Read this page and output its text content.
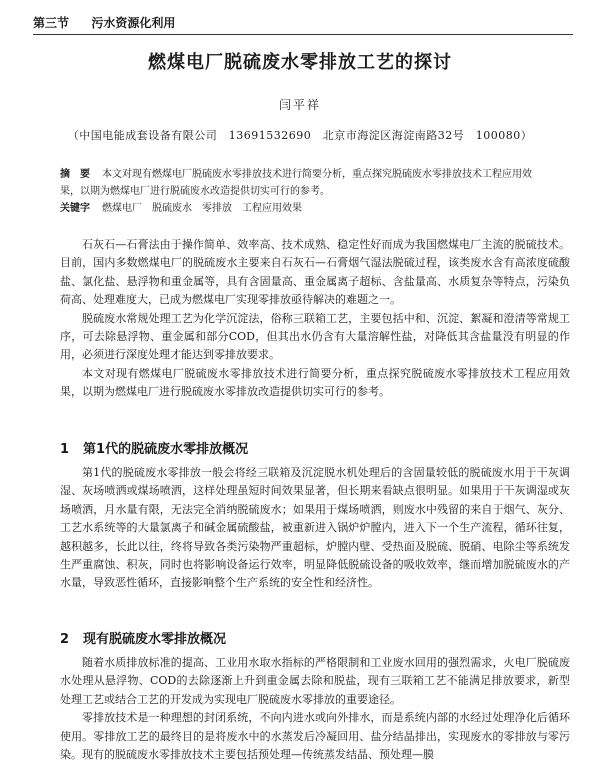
第三节 污水资源化利用
燃煤电厂脱硫废水零排放工艺的探讨
闫平祥
（中国电能成套设备有限公司　13691532690　北京市海淀区海淀南路32号　100080）
摘　要 本文对现有燃煤电厂脱硫废水零排放技术进行简要分析，重点探究脱硫废水零排放技术工程应用效果，以期为燃煤电厂进行脱硫废水改造提供切实可行的参考。
关键字 燃煤电厂　脱硫废水　零排放　工程应用效果

石灰石—石膏法由于操作简单、效率高、技术成熟、稳定性好而成为我国燃煤电厂主流的脱硫技术。目前，国内多数燃煤电厂的脱硫废水主要来自石灰石—石膏烟气湿法脱硫过程，该类废水含有高浓度硫酸盐、氯化盐、悬浮物和重金属等，具有含固量高、重金属离子超标、含盐量高、水质复杂等特点，污染负荷高、处理难度大，已成为燃煤电厂实现零排放亟待解决的难题之一。

脱硫废水常规处理工艺为化学沉淀法，俗称三联箱工艺，主要包括中和、沉淀、絮凝和澄清等常规工序，可去除悬浮物、重金属和部分COD，但其出水仍含有大量溶解性盐，对降低其含盐量没有明显的作用，必须进行深度处理才能达到零排放要求。

本文对现有燃煤电厂脱硫废水零排放技术进行简要分析，重点探究脱硫废水零排放技术工程应用效果，以期为燃煤电厂进行脱硫废水零排放改造提供切实可行的参考。

1 第1代的脱硫废水零排放概况

第1代的脱硫废水零排放一般会将经三联箱及沉淀脱水机处理后的含固量较低的脱硫废水用于干灰调湿、灰场喷洒或煤场喷洒，这样处理虽短时间效果显著，但长期来看缺点很明显。如果用于干灰调湿或灰场喷洒，月水量有限，无法完全消纳脱硫废水；如果用于煤场喷洒，则废水中残留的来自于烟气、灰分、工艺水系统等的大量氯离子和碱金属硫酸盐，被重新进入锅炉炉膛内，进入下一个生产流程，循环往复，越积越多，长此以往，终将导致各类污染物严重超标，炉膛内壁、受热面及脱硫、脱硝、电除尘等系统发生严重腐蚀、积灰，同时也将影响设备运行效率，明显降低脱硫设备的吸收效率，继而增加脱硫废水的产水量，导致恶性循环，直接影响整个生产系统的安全性和经济性。

2 现有脱硫废水零排放概况

随着水质排放标准的提高、工业用水取水指标的严格限制和工业废水回用的强烈需求，火电厂脱硫废水处理从悬浮物、COD的去除逐渐上升到重金属去除和脱盐，现有三联箱工艺不能满足排放要求，新型处理工艺或结合工艺的开发成为实现电厂脱硫废水零排放的重要途径。

零排放技术是一种理想的封闭系统，不向内进水或向外排水，而是系统内部的水经过处理净化后循环使用。零排放工艺的最终目的是将废水中的水蒸发后冷凝回用、盐分结晶排出，实现废水的零排放与零污染。现有的脱硫废水零排放技术主要包括预处理—传统蒸发结晶、预处理—膜
